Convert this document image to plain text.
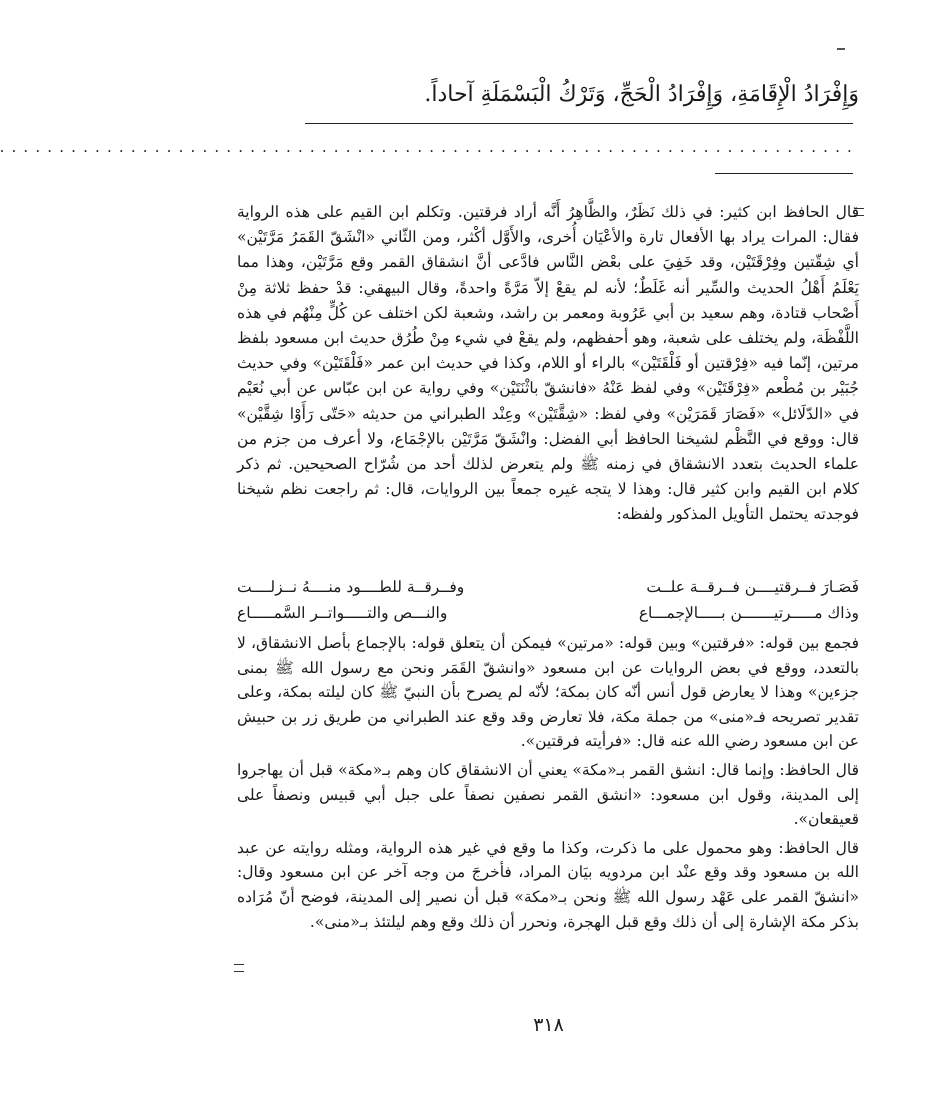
وَإِفْرَادُ الْإِقَامَةِ، وَإِفْرَادُ الْحَجِّ، وَتَرْكُ الْبَسْمَلَةِ آحاداً.
. . . . . . . . . . . . . . . . . . . . . . . . . . . . . . . . . . . . . . . . . . . . . . . . . . . . . . . . . . . . . . . . . . . . . . . .

قال الحافظ ابن كثير: في ذلك نَظَرٌ، والظَّاهِرُ أَنَّه أراد فرقتين. وتكلم ابن القيم على هذه الرواية فقال: المرات يراد بها الأفعال تارة والأعْيَان أُخرى، والأَوَّل أكْثر، ومن الثّاني «انْشَقّ القَمَرُ مَرَّتَيْن» أي شِقّتين وفِرْقَتَيْن، وقد خَفِيَ على بعْض النَّاس فادَّعى أنَّ انشقاق القمر وقع مَرَّتَيْن، وهذا مما يَعْلَمُ أَهْلُ الحديث والسِّير أنه غَلَطٌ؛ لأنه لم يقعْ إلاّ مَرَّةً واحدةً، وقال البيهقي: قدْ حفظ ثلاثة مِنْ أَصْحاب قتادة، وهم سعيد بن أبي عَرُوبة ومعمر بن راشد، وشعبة لكن اختلف عن كُلٍّ مِنْهُم في هذه اللَّفْظَة، ولم يختلف على شعبة، وهو أحفظهم، ولم يقعْ في شيء مِنْ طُرُق حديث ابن مسعود بلفظ مرتين، إنّما فيه «فِرْقتين أو فَلْقَتَيْن» بالراء أو اللام، وكذا في حديث ابن عمر «فَلْقَتَيْن» وفي حديث جُبَيْر بن مُطْعم «فِرْقَتَيْن» وفي لفظ عَنْهُ «فانشقّ باثْنَتَيْن» وفي رواية عن ابن عبّاس عن أبي نُعَيْم في «الدّلَائل» «فَصَارَ قَمَرَيْن» وفي لفظ: «شِقَّتَيْن» وعِنْد الطبراني من حديثه «حَتّى رَأَوْا شِقَّيْن» قال: ووقع في النَّظْم لشيخنا الحافظ أبي الفضل: وانْشَقّ مَرَّتَيْن بالإجْمَاع، ولا أعرف من جزم من علماء الحديث بتعدد الانشقاق في زمنه ﷺ ولم يتعرض لذلك أحد من شُرّاح الصحيحين. ثم ذكر كلام ابن القيم وابن كثير قال: وهذا لا يتجه غيره جمعاً بين الروايات، قال: ثم راجعت نظم شيخنا فوجدته يحتمل التأويل المذكور ولفظه:

فَصَـارَ فــرقتيــــن فــرقــة علــت
وفــرقــة للطــــود منــــهُ نــزلــــت
وذاك مـــــرتيـــــــن بـــــالإجمـــاع
والنـــص والتـــــواتــر السَّمـــــاع

فجمع بين قوله: «فرقتين» وبين قوله: «مرتين» فيمكن أن يتعلق قوله: بالإجماع بأصل الانشقاق، لا بالتعدد، ووقع في بعض الروايات عن ابن مسعود «وانشقّ القَمَر ونحن مع رسول الله ﷺ بمنى جزءين» وهذا لا يعارض قول أنس أنّه كان بمكة؛ لأنّه لم يصرح بأن النبيّ ﷺ كان ليلته بمكة، وعلى تقدير تصريحه فـ«منى» من جملة مكة، فلا تعارض وقد وقع عند الطبراني من طريق زر بن حبيش عن ابن مسعود رضي الله عنه قال: «فرأيته فرقتين».

قال الحافظ: وإنما قال: انشق القمر بـ«مكة» يعني أن الانشقاق كان وهم بـ«مكة» قبل أن يهاجروا إلى المدينة، وقول ابن مسعود: «انشق القمر نصفين نصفاً على جبل أبي قبيس ونصفاً على قعيقعان».

قال الحافظ: وهو محمول على ما ذكرت، وكذا ما وقع في غير هذه الرواية، ومثله روايته عن عبد الله بن مسعود وقد وقع عنْد ابن مردويه بيَان المراد، فأخرجَ من وجه آخر عن ابن مسعود وقال: «انشقّ القمر على عَهْد رسول الله ﷺ ونحن بـ«مكة» قبل أن نصير إلى المدينة، فوضح أنّ مُرَاده بذكر مكة الإشارة إلى أن ذلك وقع قبل الهجرة، ونحرر أن ذلك وقع وهم ليلتئذ بـ«منى».

٣١٨
